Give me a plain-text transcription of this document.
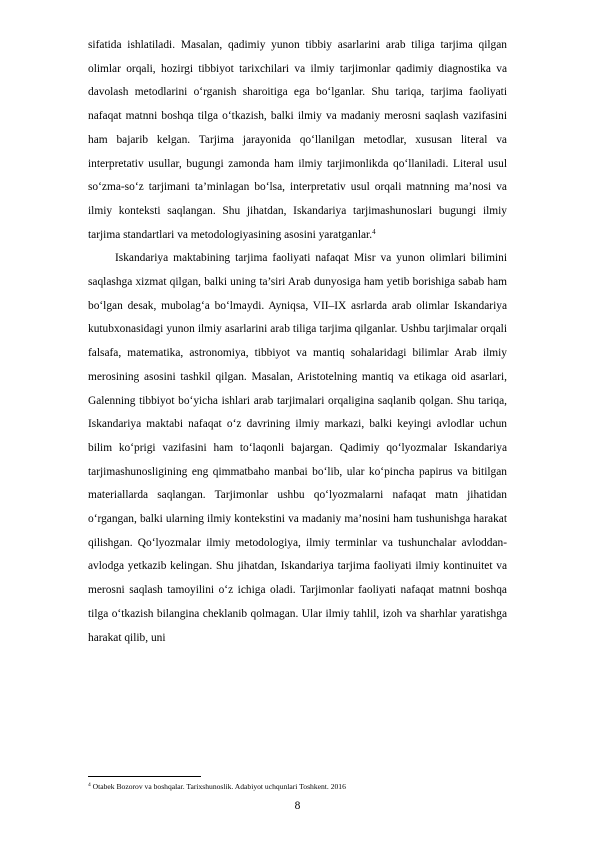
sifatida ishlatiladi. Masalan, qadimiy yunon tibbiy asarlarini arab tiliga tarjima qilgan olimlar orqali, hozirgi tibbiyot tarixchilari va ilmiy tarjimonlar qadimiy diagnostika va davolash metodlarini o‘rganish sharoitiga ega bo‘lganlar. Shu tariqa, tarjima faoliyati nafaqat matnni boshqa tilga o‘tkazish, balki ilmiy va madaniy merosni saqlash vazifasini ham bajarib kelgan. Tarjima jarayonida qo‘llanilgan metodlar, xususan literal va interpretativ usullar, bugungi zamonda ham ilmiy tarjimonlikda qo‘llaniladi. Literal usul so‘zma-so‘z tarjimani ta’minlagan bo‘lsa, interpretativ usul orqali matnning ma’nosi va ilmiy konteksti saqlangan. Shu jihatdan, Iskandariya tarjimashunoslari bugungi ilmiy tarjima standartlari va metodologiyasining asosini yaratganlar.$^4$

Iskandariya maktabining tarjima faoliyati nafaqat Misr va yunon olimlari bilimini saqlashga xizmat qilgan, balki uning ta’siri Arab dunyosiga ham yetib borishiga sabab ham bo‘lgan desak, mubolag‘a bo‘lmaydi. Ayniqsa, VII–IX asrlarda arab olimlar Iskandariya kutubxonasidagi yunon ilmiy asarlarini arab tiliga tarjima qilganlar. Ushbu tarjimalar orqali falsafa, matematika, astronomiya, tibbiyot va mantiq sohalaridagi bilimlar Arab ilmiy merosining asosini tashkil qilgan. Masalan, Aristotelning mantiq va etikaga oid asarlari, Galenning tibbiyot bo‘yicha ishlari arab tarjimalari orqaligina saqlanib qolgan. Shu tariqa, Iskandariya maktabi nafaqat o‘z davrining ilmiy markazi, balki keyingi avlodlar uchun bilim ko‘prigi vazifasini ham to‘laqonli bajargan. Qadimiy qo‘lyozmalar Iskandariya tarjimashunosligining eng qimmatbaho manbai bo‘lib, ular ko‘pincha papirus va bitilgan materiallarda saqlangan. Tarjimonlar ushbu qo‘lyozmalarni nafaqat matn jihatidan o‘rgangan, balki ularning ilmiy kontekstini va madaniy ma’nosini ham tushunishga harakat qilishgan. Qo‘lyozmalar ilmiy metodologiya, ilmiy terminlar va tushunchalar avloddan-avlodga yetkazib kelingan. Shu jihatdan, Iskandariya tarjima faoliyati ilmiy kontinuitet va merosni saqlash tamoyilini o‘z ichiga oladi. Tarjimonlar faoliyati nafaqat matnni boshqa tilga o‘tkazish bilangina cheklanib qolmagan. Ular ilmiy tahlil, izoh va sharhlar yaratishga harakat qilib, uni

$^4$ Otabek Bozorov va boshqalar. Tarixshunoslik. Adabiyot uchqunlari Toshkent. 2016
8
